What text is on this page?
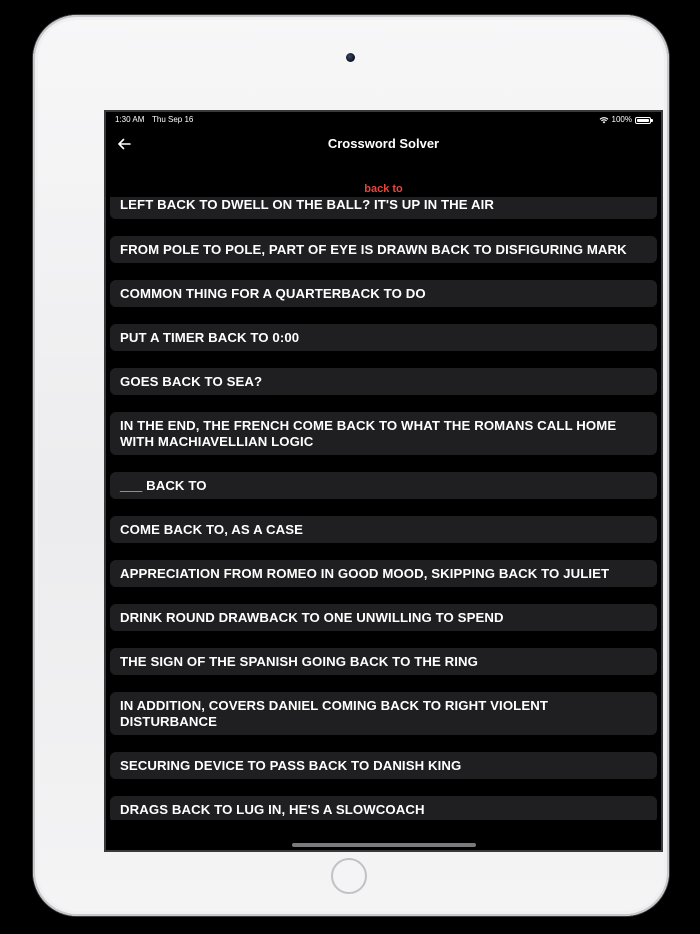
1:30 AM Thu Sep 16	100%
Crossword Solver
back to
LEFT BACK TO DWELL ON THE BALL? IT'S UP IN THE AIR
FROM POLE TO POLE, PART OF EYE IS DRAWN BACK TO DISFIGURING MARK
COMMON THING FOR A QUARTERBACK TO DO
PUT A TIMER BACK TO 0:00
GOES BACK TO SEA?
IN THE END, THE FRENCH COME BACK TO WHAT THE ROMANS CALL HOME WITH MACHIAVELLIAN LOGIC
___ BACK TO
COME BACK TO, AS A CASE
APPRECIATION FROM ROMEO IN GOOD MOOD, SKIPPING BACK TO JULIET
DRINK ROUND DRAWBACK TO ONE UNWILLING TO SPEND
THE SIGN OF THE SPANISH GOING BACK TO THE RING
IN ADDITION, COVERS DANIEL COMING BACK TO RIGHT VIOLENT DISTURBANCE
SECURING DEVICE TO PASS BACK TO DANISH KING
DRAGS BACK TO LUG IN, HE'S A SLOWCOACH
